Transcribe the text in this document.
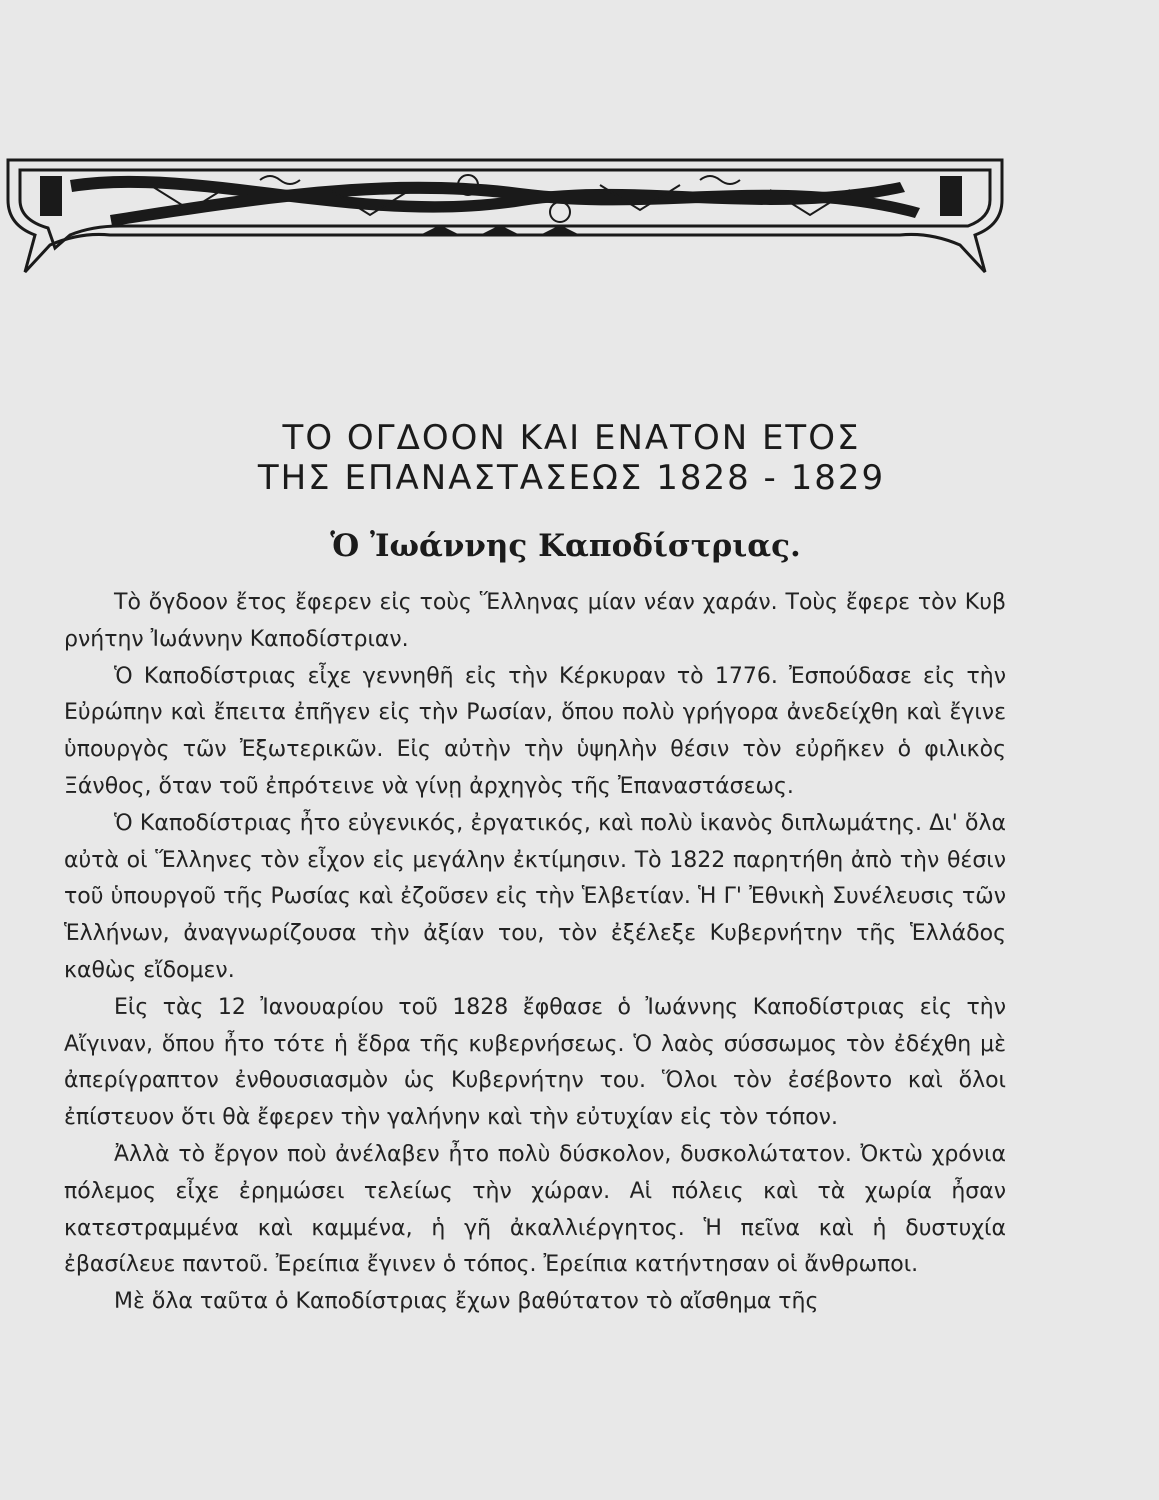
ΤΟ ΟΓΔΟΟΝ ΚΑΙ ΕΝΑΤΟΝ ΕΤΟΣ
ΤΗΣ ΕΠΑΝΑΣΤΑΣΕΩΣ 1828 - 1829
Ὁ Ἰωάννης Καποδίστριας.

Τὸ ὄγδοον ἔτος ἔφερεν εἰς τοὺς Ἕλληνας μίαν νέαν χαράν. Τοὺς ἔφερε τὸν Κυβ ρνήτην Ἰωάννην Καποδίστριαν.

Ὁ Καποδίστριας εἶχε γεννηθῆ εἰς τὴν Κέρκυραν τὸ 1776. Ἐσπούδασε εἰς τὴν Εὐρώπην καὶ ἔπειτα ἐπῆγεν εἰς τὴν Ρωσίαν, ὅπου πολὺ γρήγορα ἀνεδείχθη καὶ ἔγινε ὑπουργὸς τῶν Ἐξωτερικῶν. Εἰς αὐτὴν τὴν ὑψηλὴν θέσιν τὸν εὐρῆκεν ὁ φιλικὸς Ξάνθος, ὅταν τοῦ ἐπρότεινε νὰ γίνῃ ἀρχηγὸς τῆς Ἐπαναστάσεως.

Ὁ Καποδίστριας ἦτο εὐγενικός, ἐργατικός, καὶ πολὺ ἱκανὸς διπλωμάτης. Δι' ὅλα αὐτὰ οἱ Ἕλληνες τὸν εἶχον εἰς μεγάλην ἐκτίμησιν. Τὸ 1822 παρητήθη ἀπὸ τὴν θέσιν τοῦ ὑπουργοῦ τῆς Ρωσίας καὶ ἐζοῦσεν εἰς τὴν Ἑλβετίαν. Ἡ Γ' Ἐθνικὴ Συνέλευσις τῶν Ἑλλήνων, ἀναγνωρίζουσα τὴν ἀξίαν του, τὸν ἐξέλεξε Κυβερνήτην τῆς Ἑλλάδος καθὼς εἴδομεν.

Εἰς τὰς 12 Ἰανουαρίου τοῦ 1828 ἔφθασε ὁ Ἰωάννης Καποδίστριας εἰς τὴν Αἴγιναν, ὅπου ἦτο τότε ἡ ἕδρα τῆς κυβερνήσεως. Ὁ λαὸς σύσσωμος τὸν ἐδέχθη μὲ ἀπερίγραπτον ἐνθουσιασμὸν ὡς Κυβερνήτην του. Ὅλοι τὸν ἐσέβοντο καὶ ὅλοι ἐπίστευον ὅτι θὰ ἔφερεν τὴν γαλήνην καὶ τὴν εὐτυχίαν εἰς τὸν τόπον.

Ἀλλὰ τὸ ἔργον ποὺ ἀνέλαβεν ἦτο πολὺ δύσκολον, δυσκολώτατον. Ὀκτὼ χρόνια πόλεμος εἶχε ἐρημώσει τελείως τὴν χώραν. Αἱ πόλεις καὶ τὰ χωρία ἦσαν κατεστραμμένα καὶ καμμένα, ἡ γῆ ἀκαλλιέργητος. Ἡ πεῖνα καὶ ἡ δυστυχία ἐβασίλευε παντοῦ. Ἐρείπια ἔγινεν ὁ τόπος. Ἐρείπια κατήντησαν οἱ ἄνθρωποι.

Μὲ ὅλα ταῦτα ὁ Καποδίστριας ἔχων βαθύτατον τὸ αἴσθημα τῆς
